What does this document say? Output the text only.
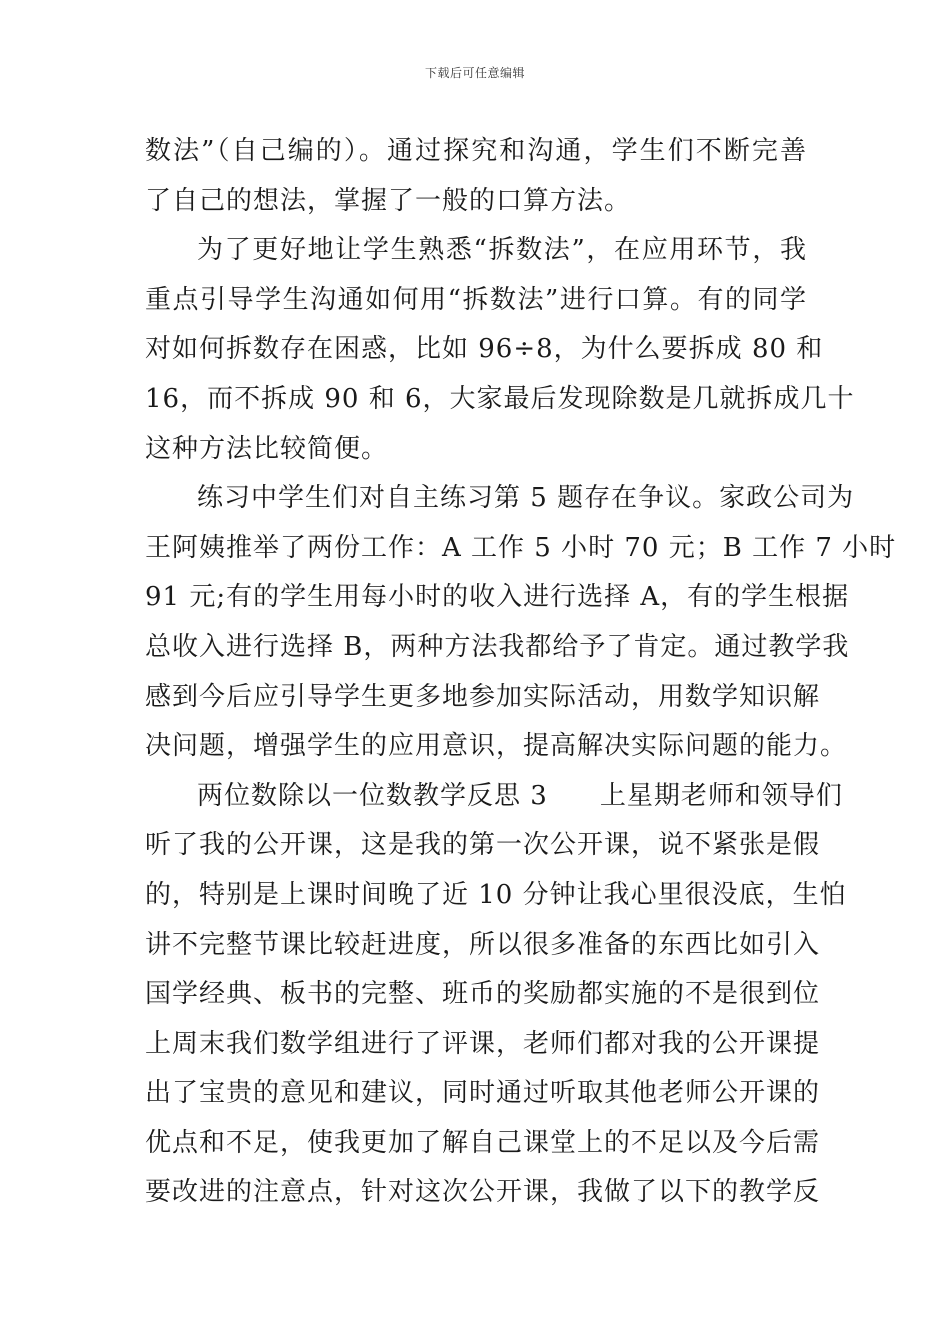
下载后可任意编辑
数法”（自己编的）。通过探究和沟通，学生们不断完善
了自己的想法，掌握了一般的口算方法。
为了更好地让学生熟悉“拆数法”，在应用环节，我
重点引导学生沟通如何用“拆数法”进行口算。有的同学
对如何拆数存在困惑，比如 96÷8，为什么要拆成 80 和
16，而不拆成 90 和 6，大家最后发现除数是几就拆成几十
这种方法比较简便。
练习中学生们对自主练习第 5 题存在争议。家政公司为
王阿姨推举了两份工作：A 工作 5 小时 70 元；B 工作 7 小时
91 元;有的学生用每小时的收入进行选择 A，有的学生根据
总收入进行选择 B，两种方法我都给予了肯定。通过教学我
感到今后应引导学生更多地参加实际活动，用数学知识解
决问题，增强学生的应用意识，提高解决实际问题的能力。
两位数除以一位数教学反思 3 上星期老师和领导们
听了我的公开课，这是我的第一次公开课，说不紧张是假
的，特别是上课时间晚了近 10 分钟让我心里很没底，生怕
讲不完整节课比较赶进度，所以很多准备的东西比如引入
国学经典、板书的完整、班币的奖励都实施的不是很到位
上周末我们数学组进行了评课，老师们都对我的公开课提
出了宝贵的意见和建议，同时通过听取其他老师公开课的
优点和不足，使我更加了解自己课堂上的不足以及今后需
要改进的注意点，针对这次公开课，我做了以下的教学反
